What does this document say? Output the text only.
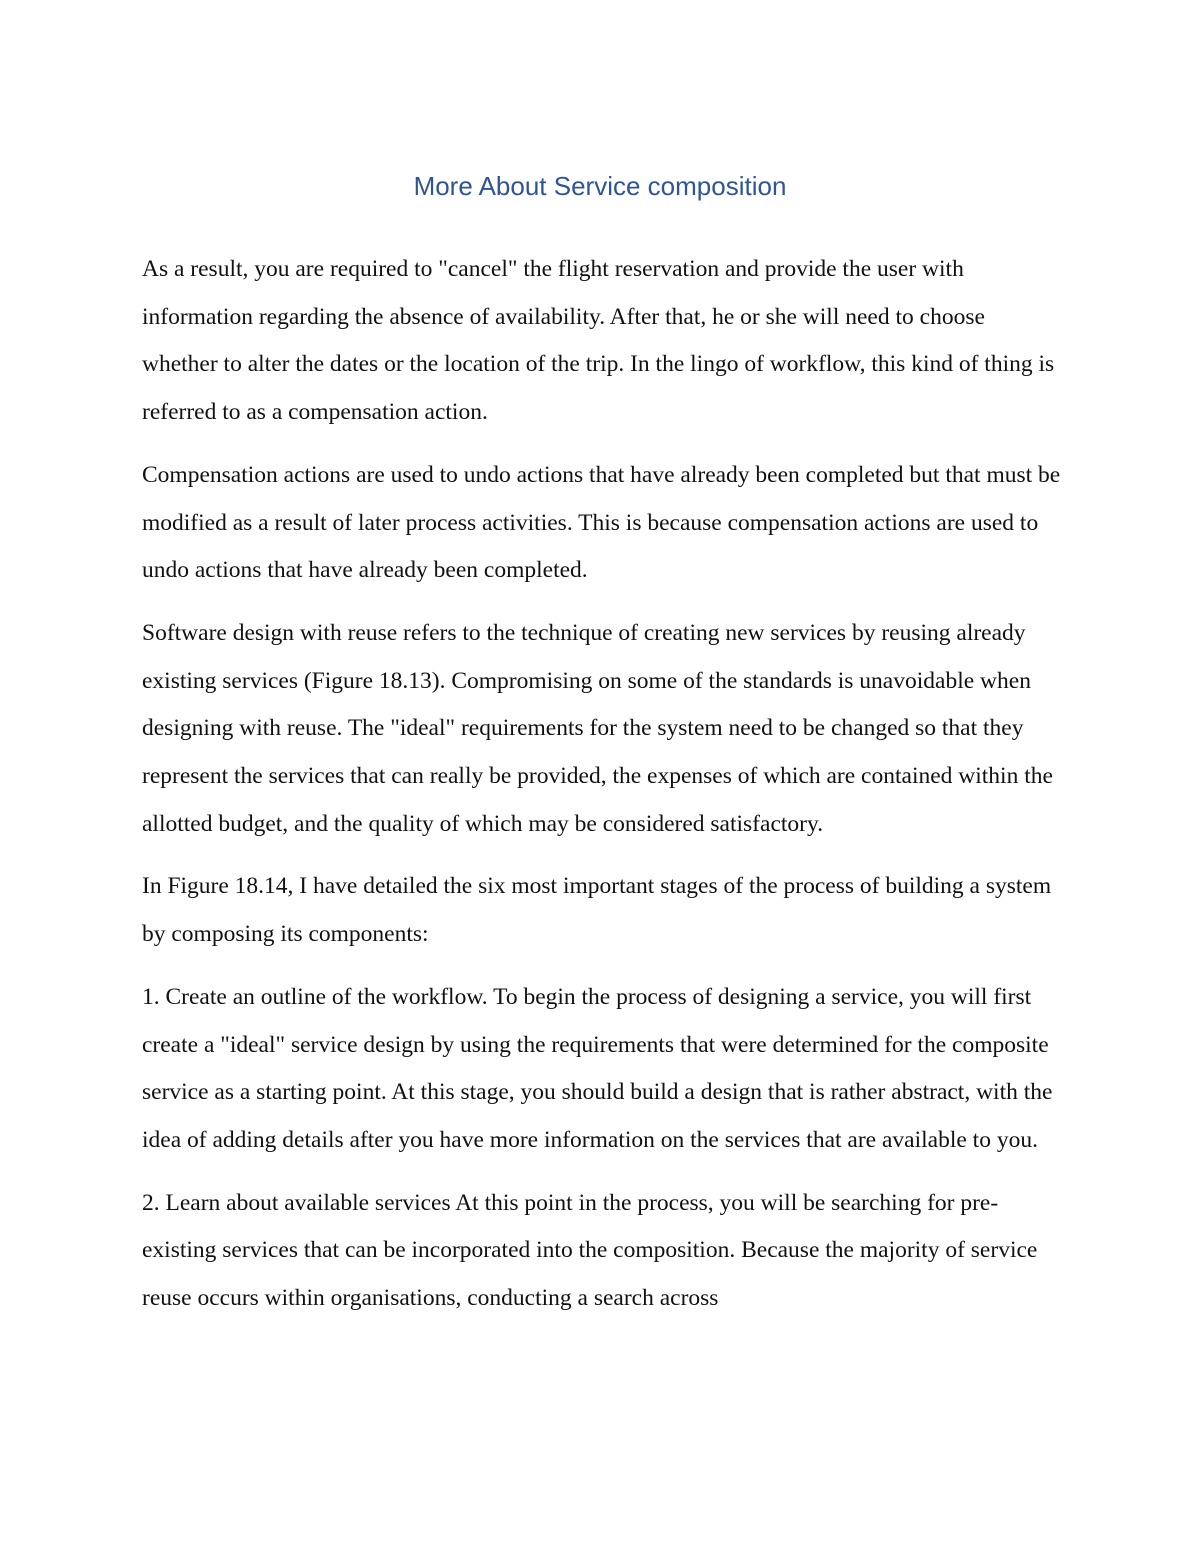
More About Service composition

As a result, you are required to "cancel" the flight reservation and provide the user with information regarding the absence of availability. After that, he or she will need to choose whether to alter the dates or the location of the trip. In the lingo of workflow, this kind of thing is referred to as a compensation action.

Compensation actions are used to undo actions that have already been completed but that must be modified as a result of later process activities. This is because compensation actions are used to undo actions that have already been completed.

Software design with reuse refers to the technique of creating new services by reusing already existing services (Figure 18.13). Compromising on some of the standards is unavoidable when designing with reuse. The "ideal" requirements for the system need to be changed so that they represent the services that can really be provided, the expenses of which are contained within the allotted budget, and the quality of which may be considered satisfactory.

In Figure 18.14, I have detailed the six most important stages of the process of building a system by composing its components:

1. Create an outline of the workflow. To begin the process of designing a service, you will first create a "ideal" service design by using the requirements that were determined for the composite service as a starting point. At this stage, you should build a design that is rather abstract, with the idea of adding details after you have more information on the services that are available to you.

2. Learn about available services At this point in the process, you will be searching for pre-existing services that can be incorporated into the composition. Because the majority of service reuse occurs within organisations, conducting a search across
